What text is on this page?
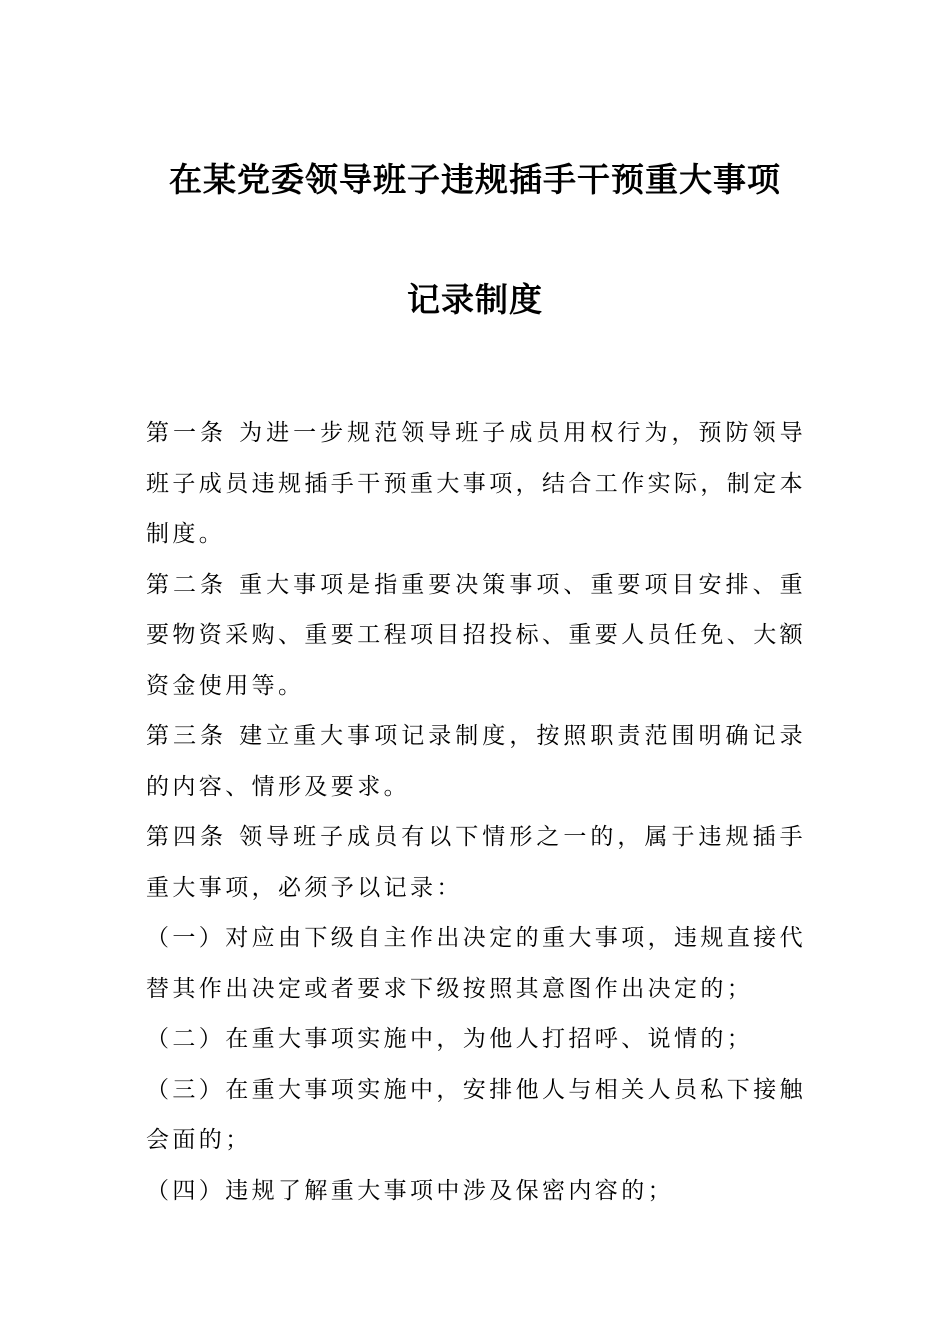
在某党委领导班子违规插手干预重大事项
记录制度

第一条 为进一步规范领导班子成员用权行为，预防领导班子成员违规插手干预重大事项，结合工作实际，制定本制度。

第二条 重大事项是指重要决策事项、重要项目安排、重要物资采购、重要工程项目招投标、重要人员任免、大额资金使用等。

第三条 建立重大事项记录制度，按照职责范围明确记录的内容、情形及要求。

第四条 领导班子成员有以下情形之一的，属于违规插手重大事项，必须予以记录：

（一）对应由下级自主作出决定的重大事项，违规直接代替其作出决定或者要求下级按照其意图作出决定的；

（二）在重大事项实施中，为他人打招呼、说情的；

（三）在重大事项实施中，安排他人与相关人员私下接触会面的；

（四）违规了解重大事项中涉及保密内容的；
